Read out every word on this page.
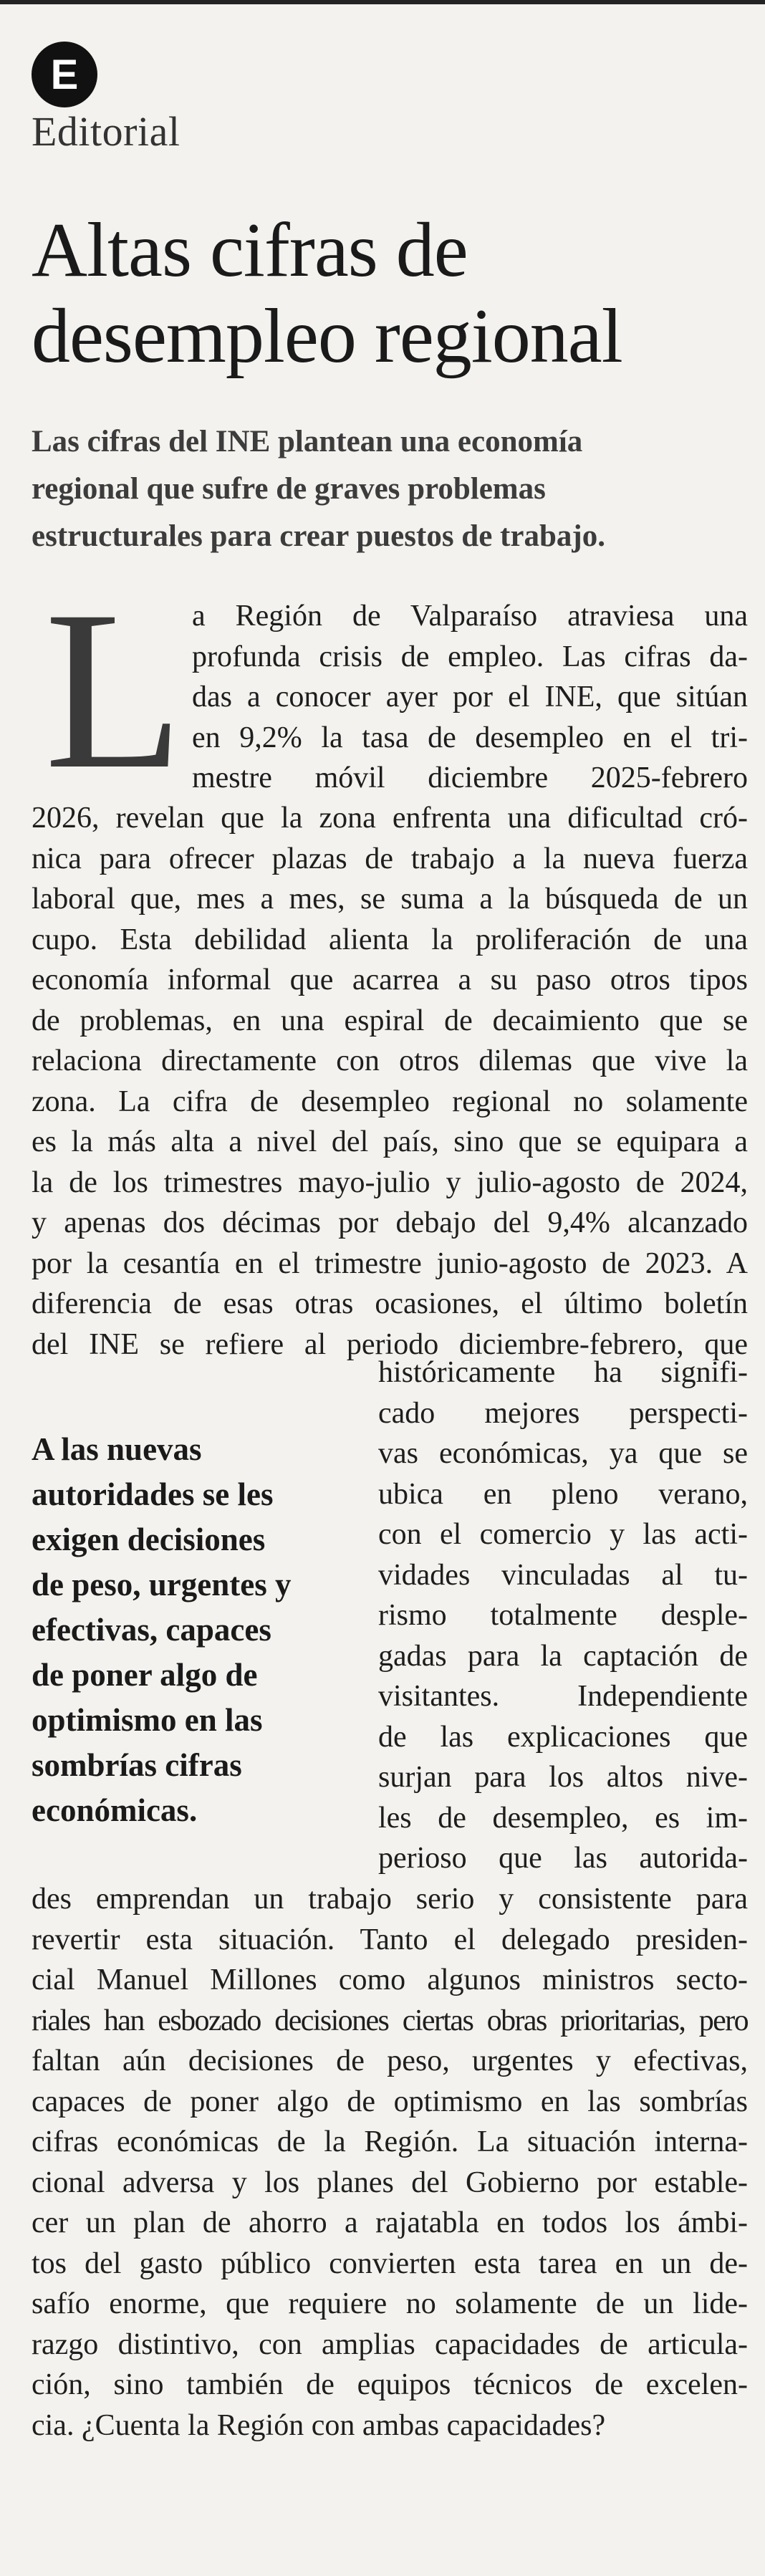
E
Editorial
Altas cifras de
desempleo regional
Las cifras del INE plantean una economía
regional que sufre de graves problemas
estructurales para crear puestos de trabajo.
L a Región de Valparaíso atraviesa una
profunda crisis de empleo. Las cifras da-
das a conocer ayer por el INE, que sitúan
en 9,2% la tasa de desempleo en el tri-
mestre móvil diciembre 2025-febrero
2026, revelan que la zona enfrenta una dificultad cró-
nica para ofrecer plazas de trabajo a la nueva fuerza
laboral que, mes a mes, se suma a la búsqueda de un
cupo. Esta debilidad alienta la proliferación de una
economía informal que acarrea a su paso otros tipos
de problemas, en una espiral de decaimiento que se
relaciona directamente con otros dilemas que vive la
zona. La cifra de desempleo regional no solamente
es la más alta a nivel del país, sino que se equipara a
la de los trimestres mayo-julio y julio-agosto de 2024,
y apenas dos décimas por debajo del 9,4% alcanzado
por la cesantía en el trimestre junio-agosto de 2023. A
diferencia de esas otras ocasiones, el último boletín
del INE se refiere al periodo diciembre-febrero, que
históricamente ha signifi-
cado mejores perspecti-
vas económicas, ya que se
ubica en pleno verano,
con el comercio y las acti-
vidades vinculadas al tu-
rismo totalmente desple-
gadas para la captación de
visitantes. Independiente
de las explicaciones que
surjan para los altos nive-
les de desempleo, es im-
perioso que las autorida-
A las nuevas
autoridades se les
exigen decisiones
de peso, urgentes y
efectivas, capaces
de poner algo de
optimismo en las
sombrías cifras
económicas.
des emprendan un trabajo serio y consistente para
revertir esta situación. Tanto el delegado presiden-
cial Manuel Millones como algunos ministros secto-
riales han esbozado decisiones ciertas obras prioritarias, pero
faltan aún decisiones de peso, urgentes y efectivas,
capaces de poner algo de optimismo en las sombrías
cifras económicas de la Región. La situación interna-
cional adversa y los planes del Gobierno por estable-
cer un plan de ahorro a rajatabla en todos los ámbi-
tos del gasto público convierten esta tarea en un de-
safío enorme, que requiere no solamente de un lide-
razgo distintivo, con amplias capacidades de articula-
ción, sino también de equipos técnicos de excelen-
cia. ¿Cuenta la Región con ambas capacidades?
